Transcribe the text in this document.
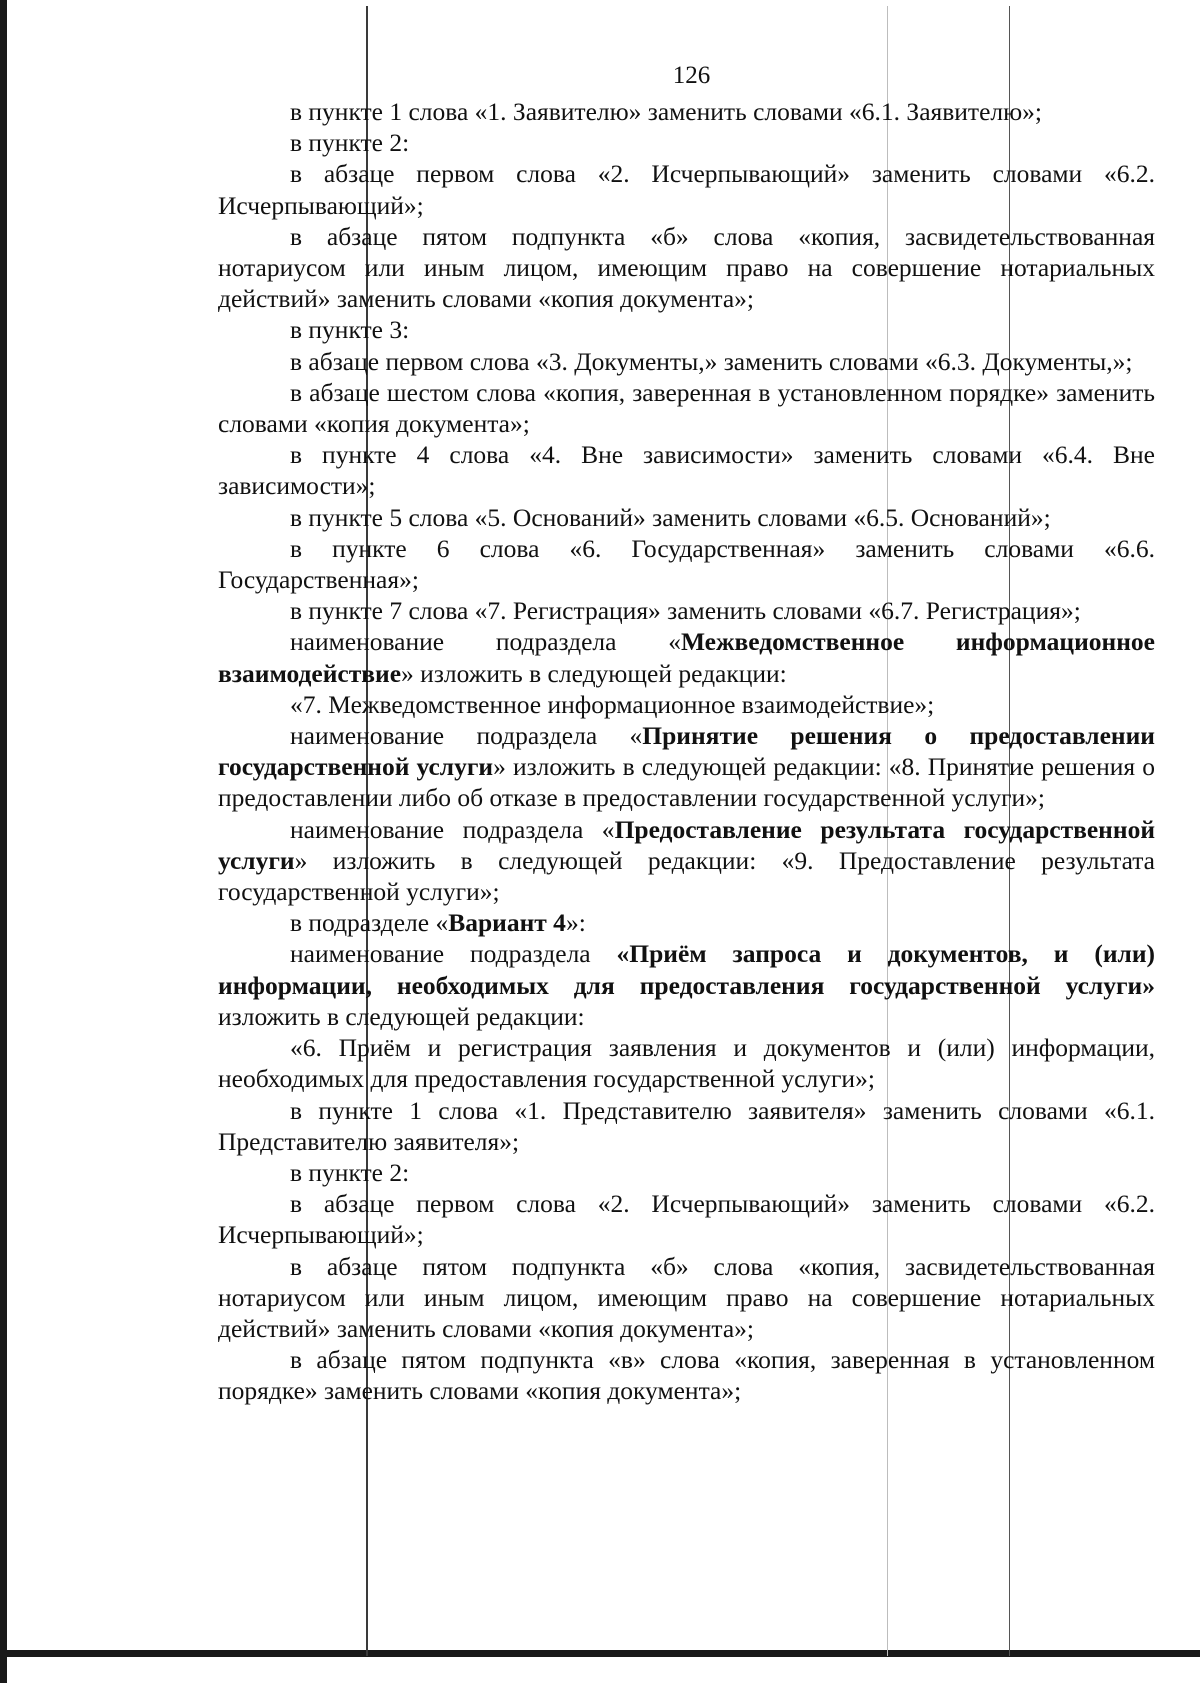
126

в пункте 1 слова «1. Заявителю» заменить словами «6.1. Заявителю»;

в пункте 2:

в абзаце первом слова «2. Исчерпывающий» заменить словами «6.2. Исчерпывающий»;

в абзаце пятом подпункта «б» слова «копия, засвидетельствованная нотариусом или иным лицом, имеющим право на совершение нотариальных действий» заменить словами «копия документа»;

в пункте 3:

в абзаце первом слова «3. Документы,» заменить словами «6.3. Документы,»;

в абзаце шестом слова «копия, заверенная в установленном порядке» заменить словами «копия документа»;

в пункте 4 слова «4. Вне зависимости» заменить словами «6.4. Вне зависимости»;

в пункте 5 слова «5. Оснований» заменить словами «6.5. Оснований»;

в пункте 6 слова «6. Государственная» заменить словами «6.6. Государственная»;

в пункте 7 слова «7. Регистрация» заменить словами «6.7. Регистрация»;

наименование подраздела «Межведомственное информационное взаимодействие» изложить в следующей редакции:

«7. Межведомственное информационное взаимодействие»;

наименование подраздела «Принятие решения о предоставлении государственной услуги» изложить в следующей редакции: «8. Принятие решения о предоставлении либо об отказе в предоставлении государственной услуги»;

наименование подраздела «Предоставление результата государственной услуги» изложить в следующей редакции: «9. Предоставление результата государственной услуги»;

в подразделе «Вариант 4»:

наименование подраздела «Приём запроса и документов, и (или) информации, необходимых для предоставления государственной услуги» изложить в следующей редакции:

«6. Приём и регистрация заявления и документов и (или) информации, необходимых для предоставления государственной услуги»;

в пункте 1 слова «1. Представителю заявителя» заменить словами «6.1. Представителю заявителя»;

в пункте 2:

в абзаце первом слова «2. Исчерпывающий» заменить словами «6.2. Исчерпывающий»;

в абзаце пятом подпункта «б» слова «копия, засвидетельствованная нотариусом или иным лицом, имеющим право на совершение нотариальных действий» заменить словами «копия документа»;

в абзаце пятом подпункта «в» слова «копия, заверенная в установленном порядке» заменить словами «копия документа»;
